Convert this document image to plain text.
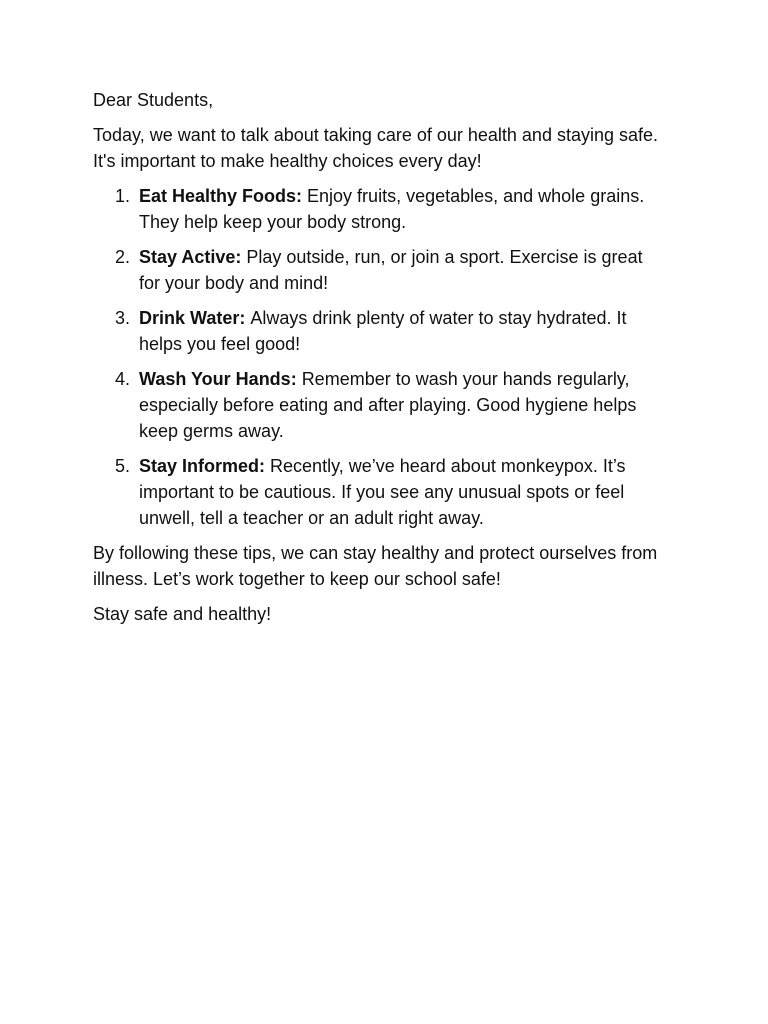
Dear Students,

Today, we want to talk about taking care of our health and staying safe. It's important to make healthy choices every day!

1. Eat Healthy Foods: Enjoy fruits, vegetables, and whole grains. They help keep your body strong.
2. Stay Active: Play outside, run, or join a sport. Exercise is great for your body and mind!
3. Drink Water: Always drink plenty of water to stay hydrated. It helps you feel good!
4. Wash Your Hands: Remember to wash your hands regularly, especially before eating and after playing. Good hygiene helps keep germs away.
5. Stay Informed: Recently, we’ve heard about monkeypox. It’s important to be cautious. If you see any unusual spots or feel unwell, tell a teacher or an adult right away.

By following these tips, we can stay healthy and protect ourselves from illness. Let’s work together to keep our school safe!

Stay safe and healthy!
